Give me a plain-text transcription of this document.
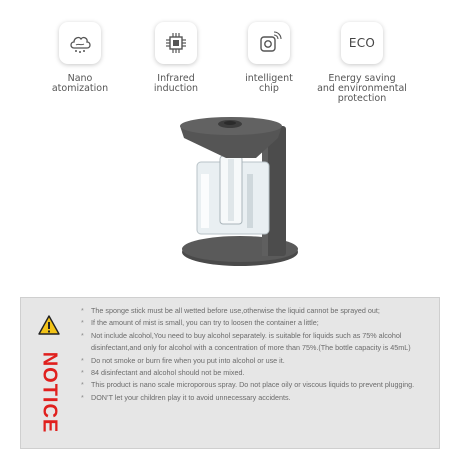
Nano
atomization
Infrared
induction
intelligent
chip
ECO
Energy saving
and environmental
protection
NOTICE
* The sponge stick must be all wetted before use,otherwise the liquid cannot be sprayed out;
* If the amount of mist is small, you can try to loosen the container a little;
* Not include alcohol,You need to buy alcohol separately. is suitable for liquids such as 75% alcohol disinfectant,and only for alcohol with a concentration of more than 75%.(The bottle capacity is 45mL)
* Do not smoke or burn fire when you put into alcohol or use it.
* 84 disinfectant and alcohol should not be mixed.
* This product is nano scale microporous spray. Do not place oily or viscous liquids to prevent plugging.
* DON’T let your children play it to avoid unnecessary accidents.
